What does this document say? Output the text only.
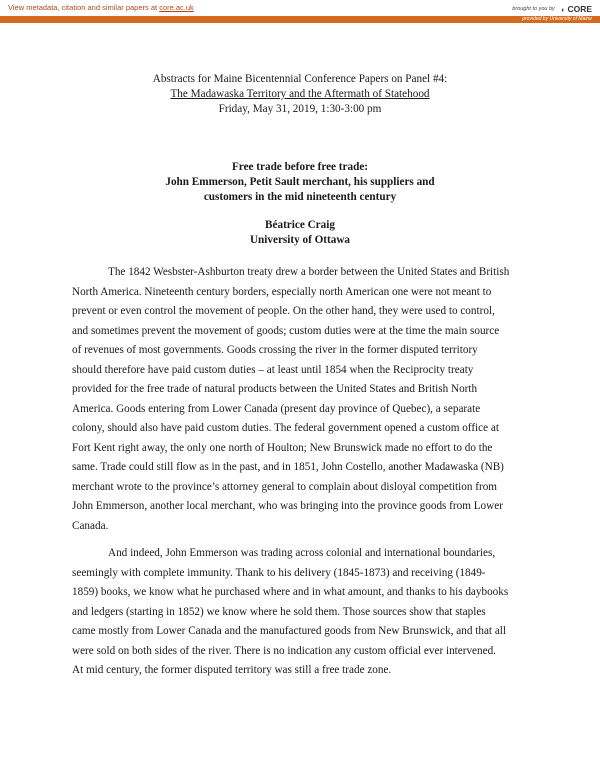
View metadata, citation and similar papers at core.ac.uk	brought to you by ◐ CORE
provided by University of Maine
Abstracts for Maine Bicentennial Conference Papers on Panel #4:
The Madawaska Territory and the Aftermath of Statehood
Friday, May 31, 2019, 1:30-3:00 pm
Free trade before free trade:
John Emmerson, Petit Sault merchant, his suppliers and
customers in the mid nineteenth century
Béatrice Craig
University of Ottawa

The 1842 Wesbster-Ashburton treaty drew a border between the United States and British
North America. Nineteenth century borders, especially north American one were not meant to
prevent or even control the movement of people. On the other hand, they were used to control,
and sometimes prevent the movement of goods; custom duties were at the time the main source
of revenues of most governments. Goods crossing the river in the former disputed territory
should therefore have paid custom duties – at least until 1854 when the Reciprocity treaty
provided for the free trade of natural products between the United States and British North
America. Goods entering from Lower Canada (present day province of Quebec), a separate
colony, should also have paid custom duties. The federal government opened a custom office at
Fort Kent right away, the only one north of Houlton; New Brunswick made no effort to do the
same. Trade could still flow as in the past, and in 1851, John Costello, another Madawaska (NB)
merchant wrote to the province’s attorney general to complain about disloyal competition from
John Emmerson, another local merchant, who was bringing into the province goods from Lower
Canada.

And indeed, John Emmerson was trading across colonial and international boundaries,
seemingly with complete immunity. Thank to his delivery (1845-1873) and receiving (1849-
1859) books, we know what he purchased where and in what amount, and thanks to his daybooks
and ledgers (starting in 1852) we know where he sold them. Those sources show that staples
came mostly from Lower Canada and the manufactured goods from New Brunswick, and that all
were sold on both sides of the river. There is no indication any custom official ever intervened.
At mid century, the former disputed territory was still a free trade zone.
